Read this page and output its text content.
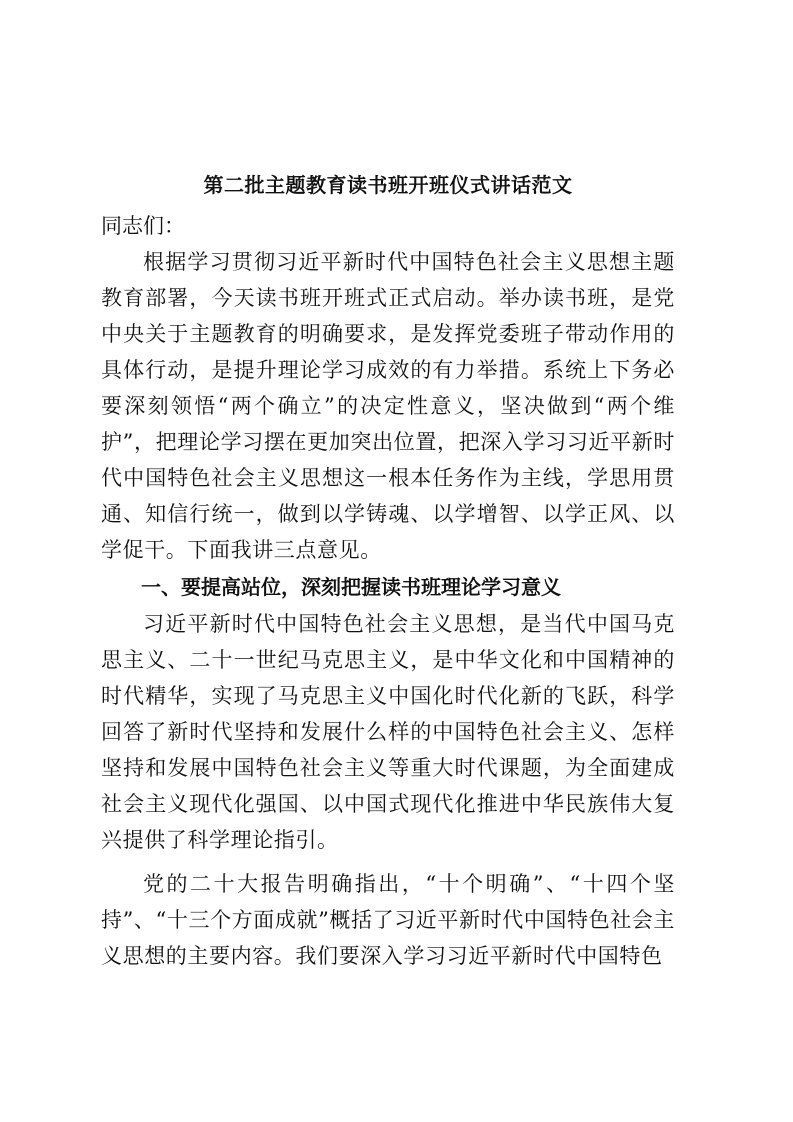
第二批主题教育读书班开班仪式讲话范文
同志们：

根据学习贯彻习近平新时代中国特色社会主义思想主题教育部署，今天读书班开班式正式启动。举办读书班，是党中央关于主题教育的明确要求，是发挥党委班子带动作用的具体行动，是提升理论学习成效的有力举措。系统上下务必要深刻领悟“两个确立”的决定性意义，坚决做到“两个维护”，把理论学习摆在更加突出位置，把深入学习习近平新时代中国特色社会主义思想这一根本任务作为主线，学思用贯通、知信行统一，做到以学铸魂、以学增智、以学正风、以学促干。下面我讲三点意见。

一、要提高站位，深刻把握读书班理论学习意义

习近平新时代中国特色社会主义思想，是当代中国马克思主义、二十一世纪马克思主义，是中华文化和中国精神的时代精华，实现了马克思主义中国化时代化新的飞跃，科学回答了新时代坚持和发展什么样的中国特色社会主义、怎样坚持和发展中国特色社会主义等重大时代课题，为全面建成社会主义现代化强国、以中国式现代化推进中华民族伟大复兴提供了科学理论指引。

党的二十大报告明确指出，“十个明确”、“十四个坚持”、“十三个方面成就”概括了习近平新时代中国特色社会主义思想的主要内容。我们要深入学习习近平新时代中国特色
